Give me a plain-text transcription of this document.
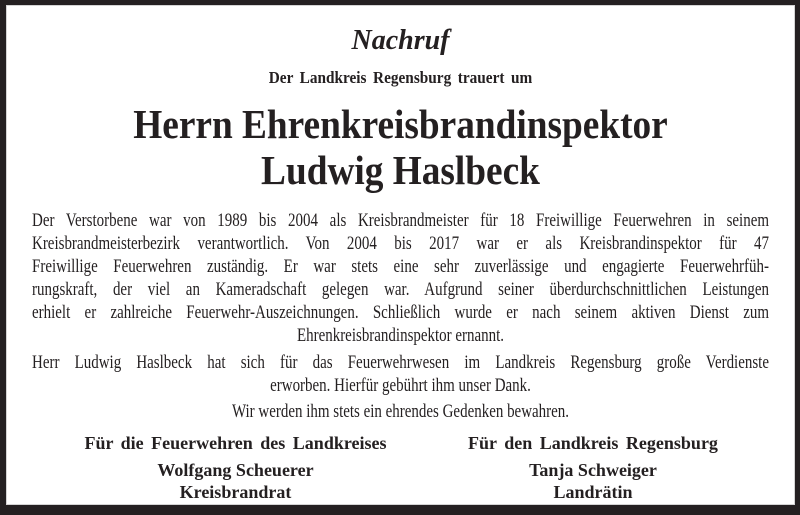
Nachruf
Der Landkreis Regensburg trauert um
Herrn Ehrenkreisbrandinspektor
Ludwig Haslbeck
Der Verstorbene war von 1989 bis 2004 als Kreisbrandmeister für 18 Freiwillige Feuerwehren in seinem
Kreisbrandmeisterbezirk verantwortlich. Von 2004 bis 2017 war er als Kreisbrandinspektor für 47
Freiwillige Feuerwehren zuständig. Er war stets eine sehr zuverlässige und engagierte Feuerwehrfüh-
rungskraft, der viel an Kameradschaft gelegen war. Aufgrund seiner überdurchschnittlichen Leistungen
erhielt er zahlreiche Feuerwehr-Auszeichnungen. Schließlich wurde er nach seinem aktiven Dienst zum
Ehrenkreisbrandinspektor ernannt.
Herr Ludwig Haslbeck hat sich für das Feuerwehrwesen im Landkreis Regensburg große Verdienste
erworben. Hierfür gebührt ihm unser Dank.
Wir werden ihm stets ein ehrendes Gedenken bewahren.
Für die Feuerwehren des Landkreises
Wolfgang Scheuerer
Kreisbrandrat
Für den Landkreis Regensburg
Tanja Schweiger
Landrätin
